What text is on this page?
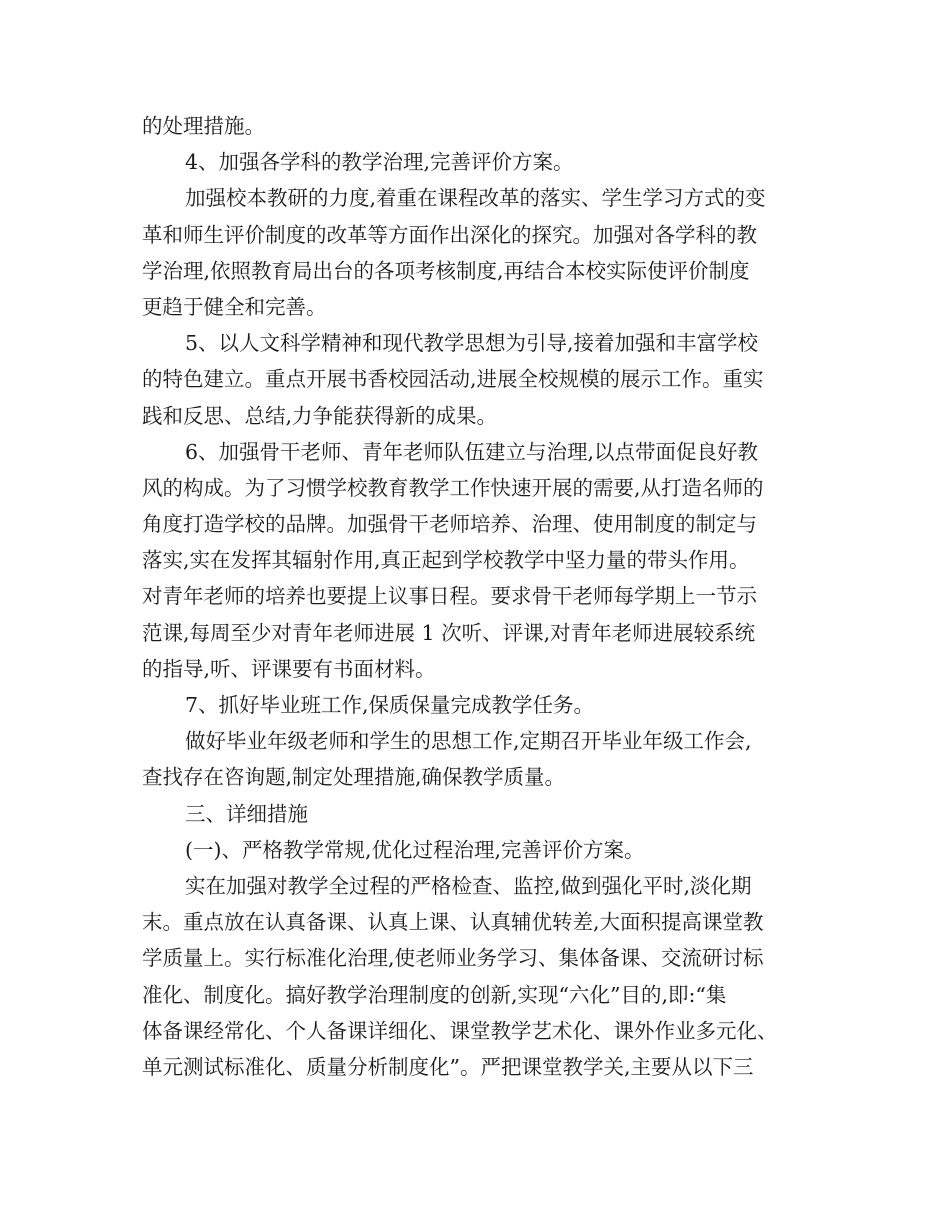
的处理措施。
4、加强各学科的教学治理,完善评价方案。
加强校本教研的力度,着重在课程改革的落实、学生学习方式的变
革和师生评价制度的改革等方面作出深化的探究。加强对各学科的教
学治理,依照教育局出台的各项考核制度,再结合本校实际使评价制度
更趋于健全和完善。
5、以人文科学精神和现代教学思想为引导,接着加强和丰富学校
的特色建立。重点开展书香校园活动,进展全校规模的展示工作。重实
践和反思、总结,力争能获得新的成果。
6、加强骨干老师、青年老师队伍建立与治理,以点带面促良好教
风的构成。为了习惯学校教育教学工作快速开展的需要,从打造名师的
角度打造学校的品牌。加强骨干老师培养、治理、使用制度的制定与
落实,实在发挥其辐射作用,真正起到学校教学中坚力量的带头作用。
对青年老师的培养也要提上议事日程。要求骨干老师每学期上一节示
范课,每周至少对青年老师进展 1 次听、评课,对青年老师进展较系统
的指导,听、评课要有书面材料。
7、抓好毕业班工作,保质保量完成教学任务。
做好毕业年级老师和学生的思想工作,定期召开毕业年级工作会,
查找存在咨询题,制定处理措施,确保教学质量。
三、详细措施
(一)、严格教学常规,优化过程治理,完善评价方案。
实在加强对教学全过程的严格检查、监控,做到强化平时,淡化期
末。重点放在认真备课、认真上课、认真辅优转差,大面积提高课堂教
学质量上。实行标准化治理,使老师业务学习、集体备课、交流研讨标
准化、制度化。搞好教学治理制度的创新,实现“六化”目的,即:“集
体备课经常化、个人备课详细化、课堂教学艺术化、课外作业多元化、
单元测试标准化、质量分析制度化”。严把课堂教学关,主要从以下三
